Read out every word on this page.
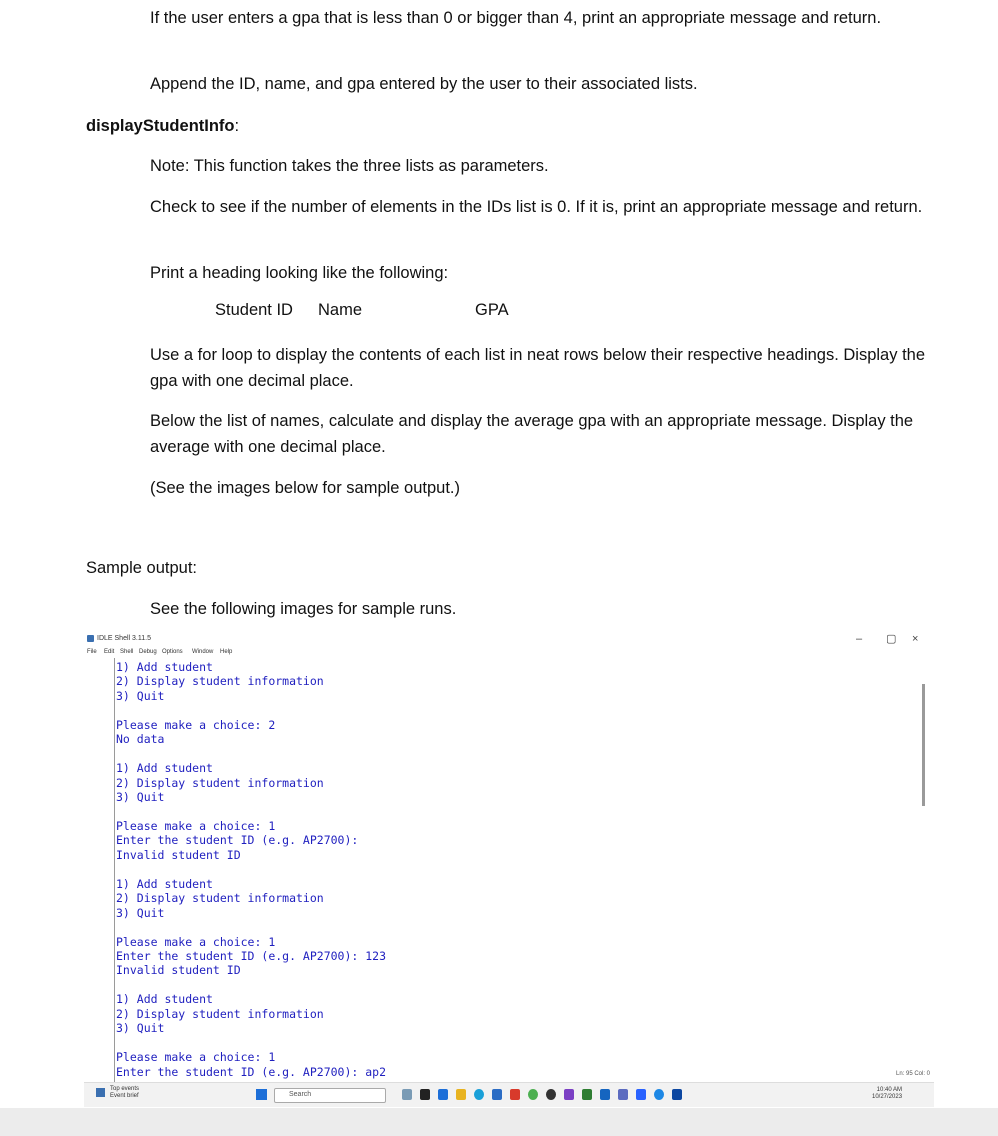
If the user enters a gpa that is less than 0 or bigger than 4, print an appropriate message and return.

Append the ID, name, and gpa entered by the user to their associated lists.

displayStudentInfo:

Note: This function takes the three lists as parameters.

Check to see if the number of elements in the IDs list is 0. If it is, print an appropriate message and return.

Print a heading looking like the following:

Student ID Name	GPA

Use a for loop to display the contents of each list in neat rows below their respective headings. Display the gpa with one decimal place.

Below the list of names, calculate and display the average gpa with an appropriate message. Display the average with one decimal place.

(See the images below for sample output.)

Sample output:

See the following images for sample runs.

IDLE Shell 3.11.5	– ▢ ×
File Edit Shell Debug Options Window Help
1) Add student
2) Display student information
3) Quit
Please make a choice: 2
No data
1) Add student
2) Display student information
3) Quit
Please make a choice: 1
Enter the student ID (e.g. AP2700):
Invalid student ID
1) Add student
2) Display student information
3) Quit
Please make a choice: 1
Enter the student ID (e.g. AP2700): 123
Invalid student ID
1) Add student
2) Display student information
3) Quit
Please make a choice: 1
Enter the student ID (e.g. AP2700): ap2	Ln: 95 Col: 0
Top events
Event brief	Search
10:40 AM
10/27/2023
